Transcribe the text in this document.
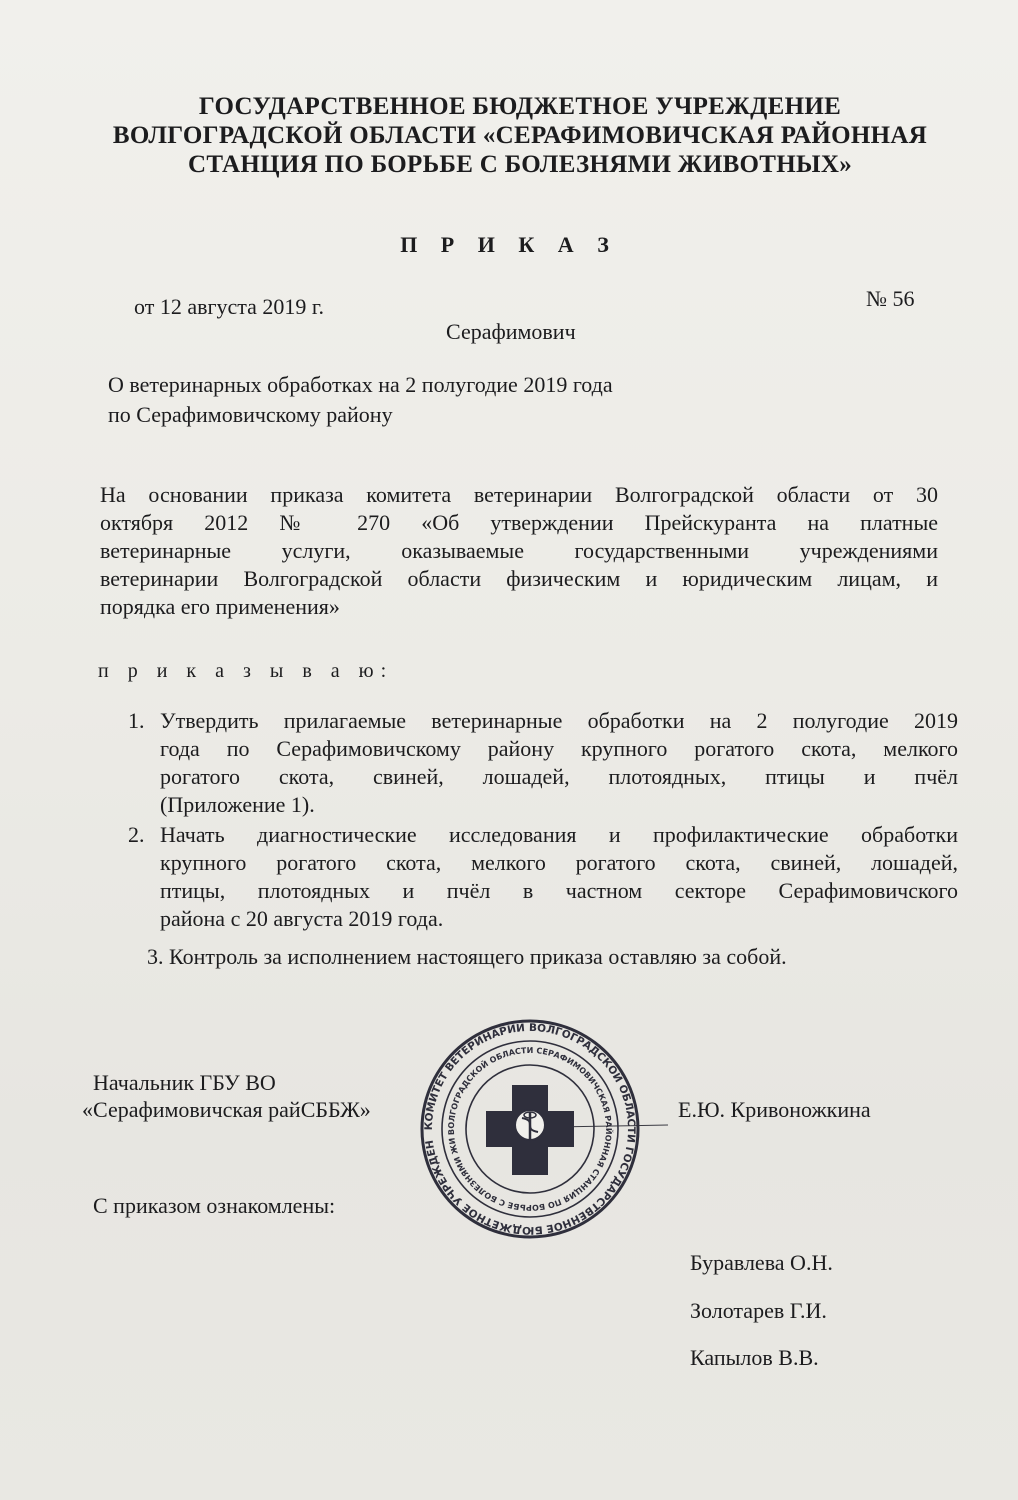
ГОСУДАРСТВЕННОЕ БЮДЖЕТНОЕ УЧРЕЖДЕНИЕ
ВОЛГОГРАДСКОЙ ОБЛАСТИ «СЕРАФИМОВИЧСКАЯ РАЙОННАЯ
СТАНЦИЯ ПО БОРЬБЕ С БОЛЕЗНЯМИ ЖИВОТНЫХ»
П Р И К А З
от 12 августа 2019 г.	№ 56
Серафимович
О ветеринарных обработках на 2 полугодие 2019 года
по Серафимовичскому району
На основании приказа комитета ветеринарии Волгоградской области от 30
октября 2012 № 270 «Об утверждении Прейскуранта на платные
ветеринарные услуги, оказываемые государственными учреждениями
ветеринарии Волгоградской области физическим и юридическим лицам, и
порядка его применения»
п р и к а з ы в а ю:
1. Утвердить прилагаемые ветеринарные обработки на 2 полугодие 2019
года по Серафимовичскому району крупного рогатого скота, мелкого
рогатого скота, свиней, лошадей, плотоядных, птицы и пчёл
(Приложение 1).
2. Начать диагностические исследования и профилактические обработки
крупного рогатого скота, мелкого рогатого скота, свиней, лошадей,
птицы, плотоядных и пчёл в частном секторе Серафимовичского
района с 20 августа 2019 года.
3. Контроль за исполнением настоящего приказа оставляю за собой.
Начальник ГБУ ВО
«Серафимовичская райСББЖ»
КОМИТЕТ ВЕТЕРИНАРИИ ВОЛГОГРАДСКОЙ ОБЛАСТИ ГОСУДАРСТВЕННОЕ БЮДЖЕТНОЕ УЧРЕЖДЕНИЕ
ВОЛГОГРАДСКОЙ ОБЛАСТИ СЕРАФИМОВИЧСКАЯ РАЙОННАЯ СТАНЦИЯ ПО БОРЬБЕ С БОЛЕЗНЯМИ ЖИВОТНЫХ
Е.Ю. Кривоножкина
С приказом ознакомлены:
Буравлева О.Н.
Золотарев Г.И.
Капылов В.В.
